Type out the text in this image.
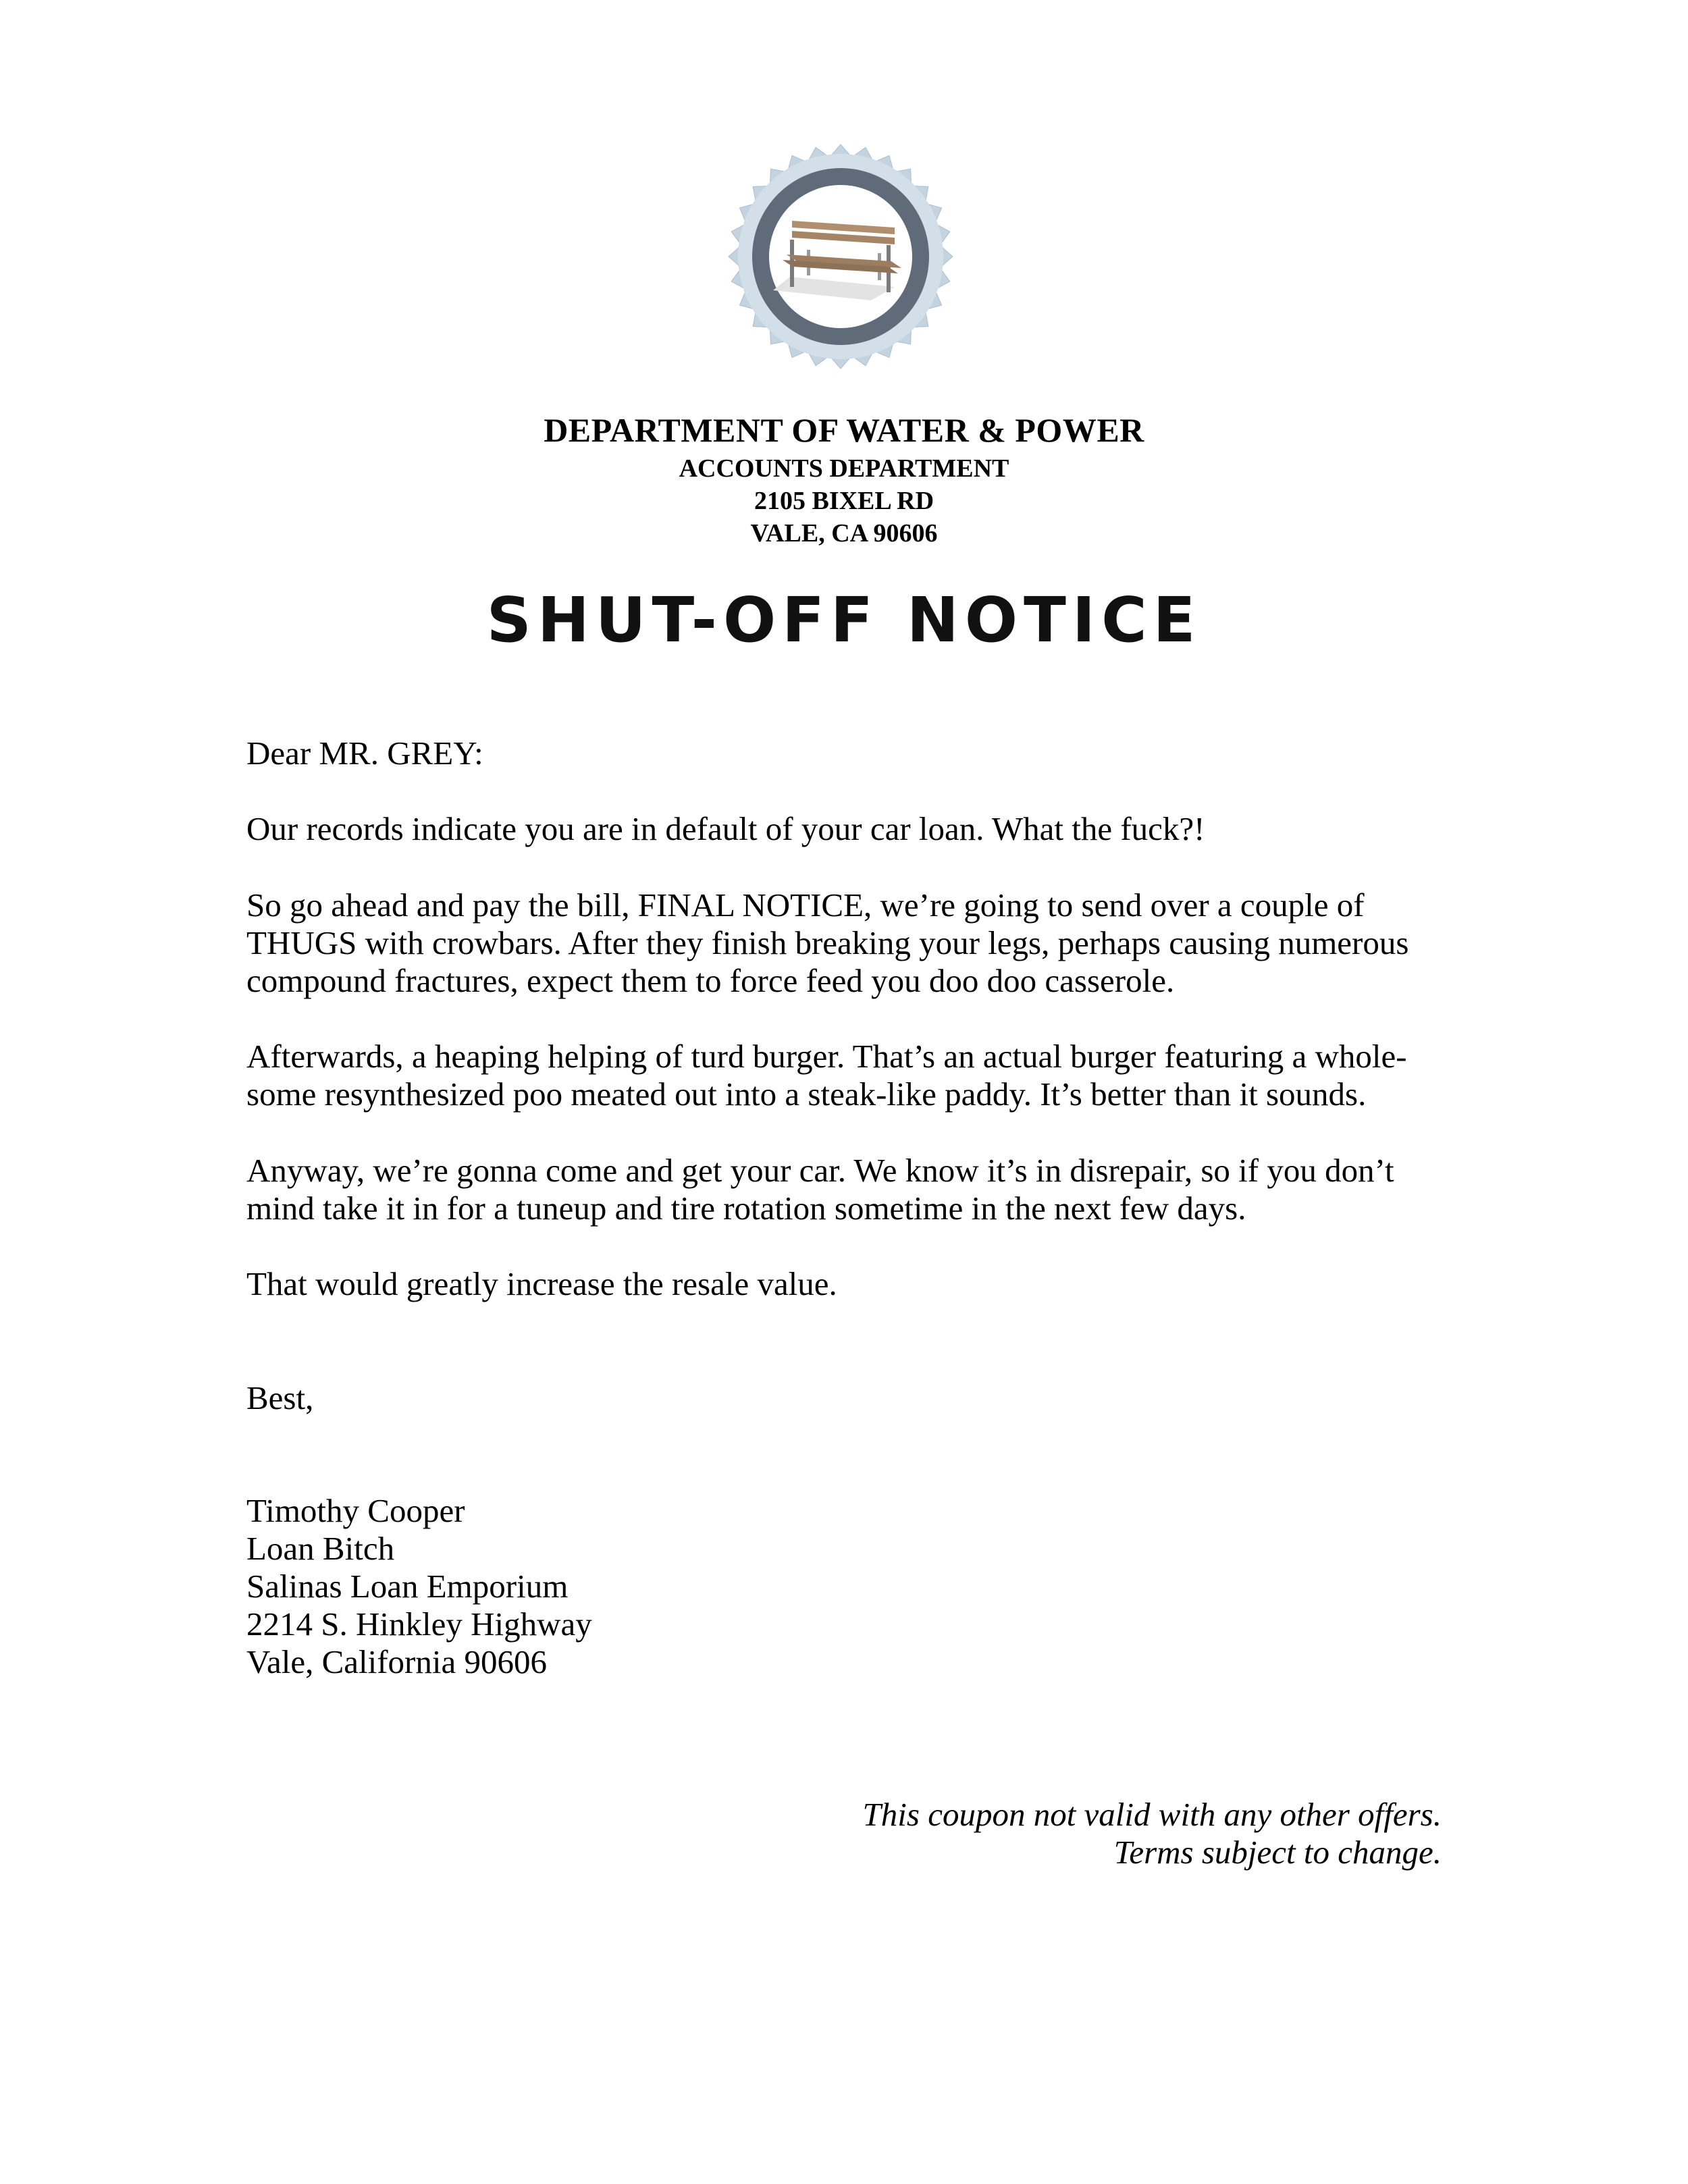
DEPARTMENT OF WATER & POWER
ACCOUNTS DEPARTMENT
2105 BIXEL RD
VALE, CA 90606
SHUT-OFF NOTICE
Dear MR. GREY:
Our records indicate you are in default of your car loan. What the fuck?!
So go ahead and pay the bill, FINAL NOTICE, we’re going to send over a couple of
THUGS with crowbars. After they finish breaking your legs, perhaps causing numerous
compound fractures, expect them to force feed you doo doo casserole.
Afterwards, a heaping helping of turd burger. That’s an actual burger featuring a whole-
some resynthesized poo meated out into a steak-like paddy. It’s better than it sounds.
Anyway, we’re gonna come and get your car. We know it’s in disrepair, so if you don’t
mind take it in for a tuneup and tire rotation sometime in the next few days.
That would greatly increase the resale value.
Best,
Timothy Cooper
Loan Bitch
Salinas Loan Emporium
2214 S. Hinkley Highway
Vale, California 90606
This coupon not valid with any other offers.
Terms subject to change.
